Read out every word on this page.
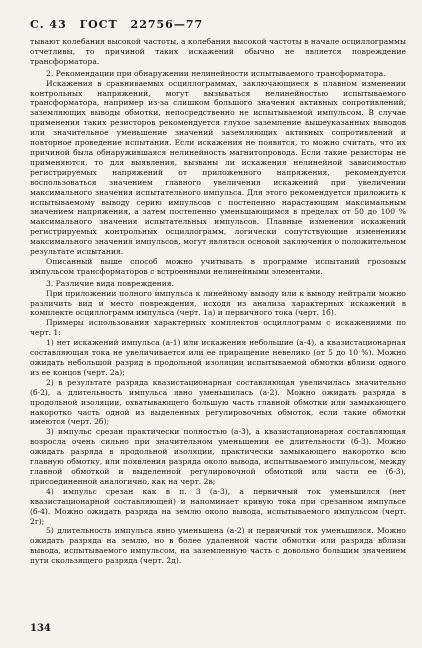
С. 43 ГОСТ 22756—77

тывают колебания высокой частоты, а колебания высокой частоты в начале осциллограммы отчетливы, то причиной таких искажений обычно не является повреждение трансформатора.

2. Рекомендации при обнаружении нелинейности испытываемого трансформатора.

Искажения в сравниваемых осциллограммах, заключающиеся в плавном изменении контрольных напряжений, могут вызываться нелинейностью испытываемого трансформатора, например из-за слишком большого значения активных сопротивлений, заземляющих выводы обмотки, непосредственно не испытываемой импульсом. В случае применения таких резисторов рекомендуется глухое заземление вышеуказанных выводов или значительное уменьшение значений заземляющих активных сопротивлений и повторное проведение испытания. Если искажения не появятся, то можно считать, что их причиной была обнаружившаяся нелинейность магнитопровода. Если такие резисторы не применяются, то для выявления, вызваны ли искажения нелинейной зависимостью регистрируемых напряжений от приложенного напряжения, рекомендуется воспользоваться значением главного увеличения искажений при увеличении максимального значения испытательного импульса. Для этого рекомендуется приложить к испытываемому выводу серию импульсов с постепенно нарастающим максимальным значением напряжения, а затем постепенно уменьшающимся в пределах от 50 до 100 % максимального значения испытательных импульсов. Плавные изменения искажений регистрируемых контрольных осциллограмм, логически сопутствующие изменениям максимального значения импульсов, могут являться основой заключения о положительном результате испытания.

Описанный выше способ можно учитывать в программе испытаний грозовым импульсом трансформаторов с встроенными нелинейными элементами.

3. Различие вида повреждения.

При приложении полного импульса к линейному выводу или к выводу нейтрали можно различить вид и место повреждения, исходя из анализа характерных искажений в комплекте осциллограмм импульса (черт. 1а) и первичного тока (черт. 1б).

Примеры использования характерных комплектов осциллограмм с искажениями по черт. 1:

1) нет искажений импульса (а-1) или искажения небольшие (а-4), а квазистационарная составляющая тока не увеличивается или ее приращение невелико (от 5 до 10 %). Можно ожидать небольшой разряд в продольной изоляции испытываемой обмотки вблизи одного из ее концов (черт. 2а);

2) в результате разряда квазистационарная составляющая увеличилась значительно (б-2), а длительность импульса явно уменьшилась (а-2). Можно ожидать разряда в продольной изоляции, охватывающего большую часть главной обмотки или замыкающего накоротко часть одной из выделенных регулировочных обмоток, если такие обмотки имеются (черт. 2б);

3) импульс срезан практически полностью (а-3), а квазистационарная составляющая возросла очень сильно при значительном уменьшении ее длительности (б-3). Можно ожидать разряда в продольной изоляции, практически замыкающего накоротко всю главную обмотку, или появления разряда около вывода, испытываемого импульсом, между главной обмоткой и выделенной регулировочной обмоткой или части ее (б-3), присоединенной аналогично, как на черт. 2в;

4) импульс срезан как в п. 3 (а-3), а первичный ток уменьшился (нет квазистационарной составляющей) и напоминает кривую тока при срезанном импульсе (б-4). Можно ожидать разряда на землю около вывода, испытываемого импульсом (черт. 2г);

5) длительность импульса явно уменьшена (а-2) и первичный ток уменьшился. Можно ожидать разряда на землю, но в более удаленной части обмотки или разряда вблизи вывода, испытываемого импульсом, на заземленную часть с довольно большим значением пути скользящего разряда (черт. 2д).

134
